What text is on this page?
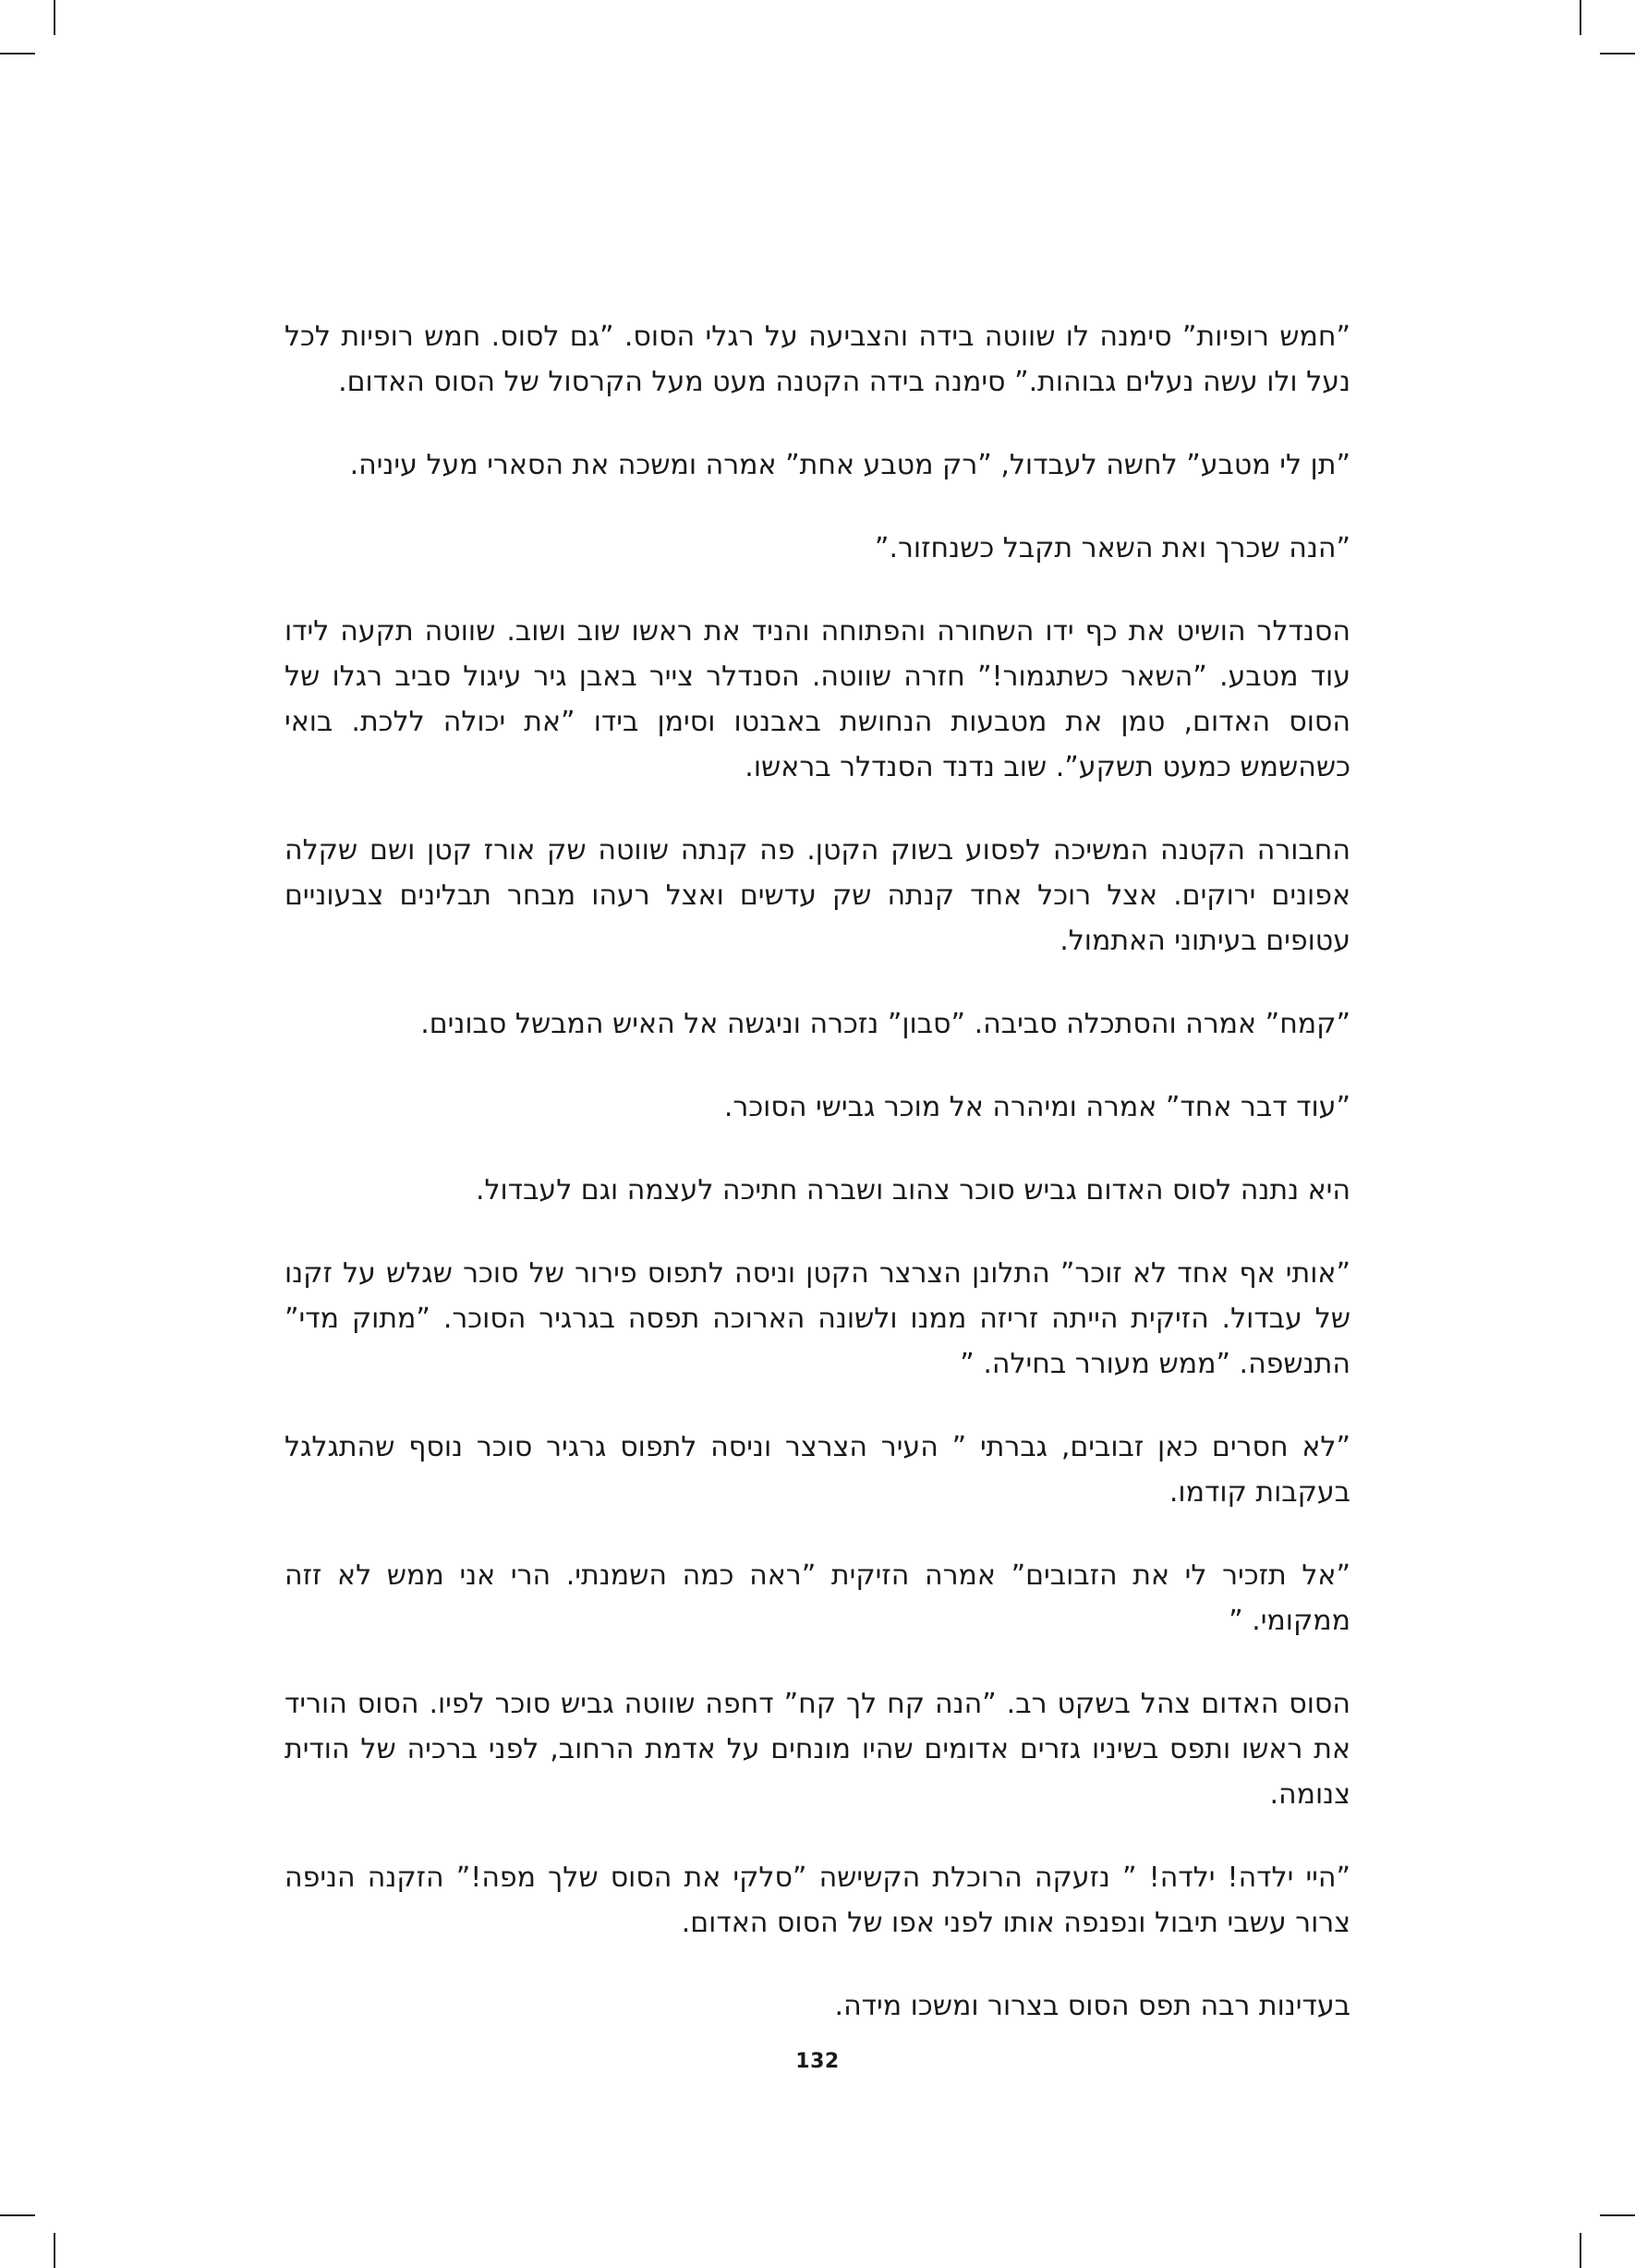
”חמש רופיות” סימנה לו שווטה בידה והצביעה על רגלי הסוס. ”גם לסוס. חמש רופיות לכל נעל ולו עשה נעלים גבוהות.” סימנה בידה הקטנה מעט מעל הקרסול של הסוס האדום.

”תן לי מטבע” לחשה לעבדול, ”רק מטבע אחת” אמרה ומשכה את הסארי מעל עיניה.

”הנה שכרך ואת השאר תקבל כשנחזור.”

הסנדלר הושיט את כף ידו השחורה והפתוחה והניד את ראשו שוב ושוב. שווטה תקעה לידו עוד מטבע. ”השאר כשתגמור!” חזרה שווטה. הסנדלר צייר באבן גיר עיגול סביב רגלו של הסוס האדום, טמן את מטבעות הנחושת באבנטו וסימן בידו ”את יכולה ללכת. בואי כשהשמש כמעט תשקע”. שוב נדנד הסנדלר בראשו.

החבורה הקטנה המשיכה לפסוע בשוק הקטן. פה קנתה שווטה שק אורז קטן ושם שקלה אפונים ירוקים. אצל רוכל אחד קנתה שק עדשים ואצל רעהו מבחר תבלינים צבעוניים עטופים בעיתוני האתמול.

”קמח” אמרה והסתכלה סביבה. ”סבון” נזכרה וניגשה אל האיש המבשל סבונים.

”עוד דבר אחד” אמרה ומיהרה אל מוכר גבישי הסוכר.

היא נתנה לסוס האדום גביש סוכר צהוב ושברה חתיכה לעצמה וגם לעבדול.

”אותי אף אחד לא זוכר” התלונן הצרצר הקטן וניסה לתפוס פירור של סוכר שגלש על זקנו של עבדול. הזיקית הייתה זריזה ממנו ולשונה הארוכה תפסה בגרגיר הסוכר. ”מתוק מדי” התנשפה. ”ממש מעורר בחילה. ”

”לא חסרים כאן זבובים, גברתי ” העיר הצרצר וניסה לתפוס גרגיר סוכר נוסף שהתגלגל בעקבות קודמו.

”אל תזכיר לי את הזבובים” אמרה הזיקית ”ראה כמה השמנתי. הרי אני ממש לא זזה ממקומי. ”

הסוס האדום צהל בשקט רב. ”הנה קח לך קח” דחפה שווטה גביש סוכר לפיו. הסוס הוריד את ראשו ותפס בשיניו גזרים אדומים שהיו מונחים על אדמת הרחוב, לפני ברכיה של הודית צנומה.

”היי ילדה! ילדה! ” נזעקה הרוכלת הקשישה ”סלקי את הסוס שלך מפה!” הזקנה הניפה צרור עשבי תיבול ונפנפה אותו לפני אפו של הסוס האדום.

בעדינות רבה תפס הסוס בצרור ומשכו מידה.

132
